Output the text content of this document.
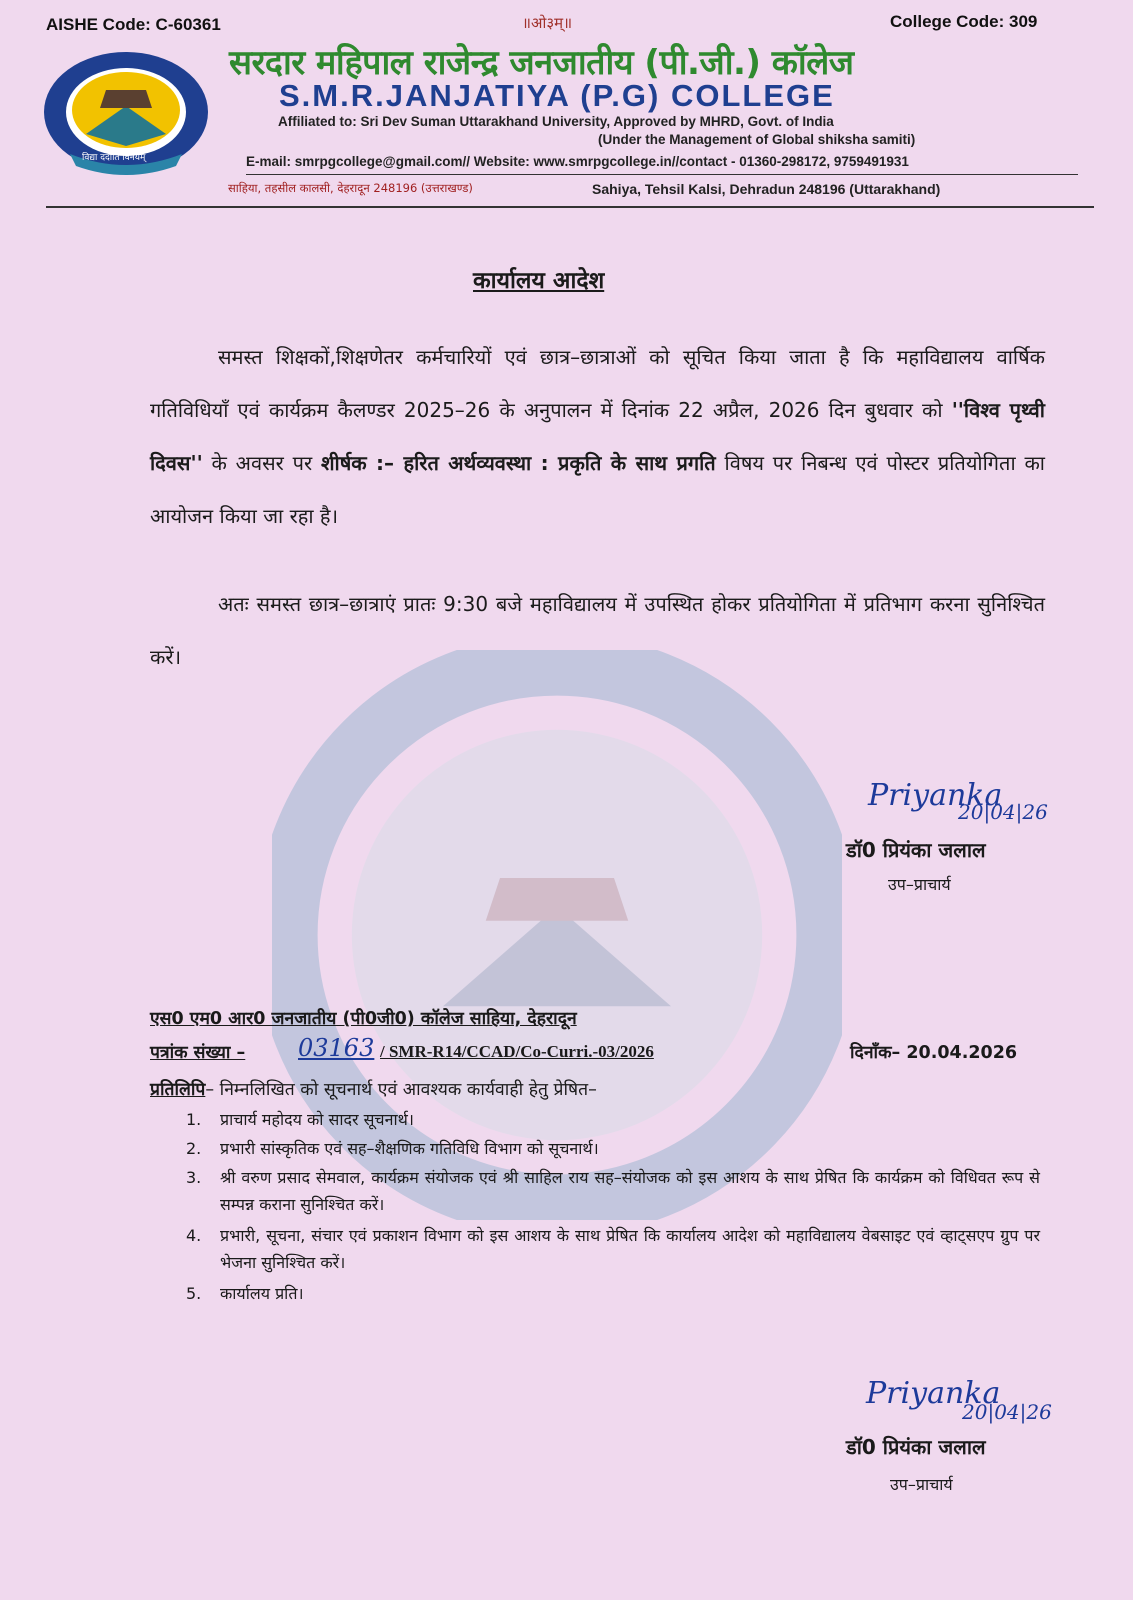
AISHE Code: C-60361	॥ओ३म्॥	College Code: 309
विद्या ददाति विनयम्
सरदार महिपाल राजेन्द्र जनजातीय (पी.जी.) कॉलेज
S.M.R.JANJATIYA (P.G) COLLEGE
Affiliated to: Sri Dev Suman Uttarakhand University, Approved by MHRD, Govt. of India
(Under the Management of Global shiksha samiti)
E-mail: smrpgcollege@gmail.com// Website: www.smrpgcollege.in//contact - 01360-298172, 9759491931
साहिया, तहसील कालसी, देहरादून 248196 (उत्तराखण्ड)	Sahiya, Tehsil Kalsi, Dehradun 248196 (Uttarakhand)
कार्यालय आदेश
समस्त शिक्षकों,शिक्षणेतर कर्मचारियों एवं छात्र–छात्राओं को सूचित किया जाता है कि महाविद्यालय वार्षिक गतिविधियाँ एवं कार्यक्रम कैलण्डर 2025–26 के अनुपालन में दिनांक 22 अप्रैल, 2026 दिन बुधवार को ''विश्व पृथ्वी दिवस'' के अवसर पर शीर्षक :– हरित अर्थव्यवस्था : प्रकृति के साथ प्रगति विषय पर निबन्ध एवं पोस्टर प्रतियोगिता का आयोजन किया जा रहा है।
अतः समस्त छात्र–छात्राएं प्रातः 9:30 बजे महाविद्यालय में उपस्थित होकर प्रतियोगिता में प्रतिभाग करना सुनिश्चित करें।
Priyanka
20|04|26
डॉ0 प्रियंका जलाल
उप–प्राचार्य
एस0 एम0 आर0 जनजातीय (पी0जी0) कॉलेज साहिया, देहरादून
पत्रांक संख्या – 03163 / SMR-R14/CCAD/Co-Curri.-03/2026	दिनाँक– 20.04.2026
प्रतिलिपि– निम्नलिखित को सूचनार्थ एवं आवश्यक कार्यवाही हेतु प्रेषित–
1. प्राचार्य महोदय को सादर सूचनार्थ।
2. प्रभारी सांस्कृतिक एवं सह–शैक्षणिक गतिविधि विभाग को सूचनार्थ।
3. श्री वरुण प्रसाद सेमवाल, कार्यक्रम संयोजक एवं श्री साहिल राय सह–संयोजक को इस आशय के साथ प्रेषित कि कार्यक्रम को विधिवत रूप से सम्पन्न कराना सुनिश्चित करें।
4. प्रभारी, सूचना, संचार एवं प्रकाशन विभाग को इस आशय के साथ प्रेषित कि कार्यालय आदेश को महाविद्यालय वेबसाइट एवं व्हाट्सएप ग्रुप पर भेजना सुनिश्चित करें।
5. कार्यालय प्रति।
Priyanka
20|04|26
डॉ0 प्रियंका जलाल
उप–प्राचार्य
